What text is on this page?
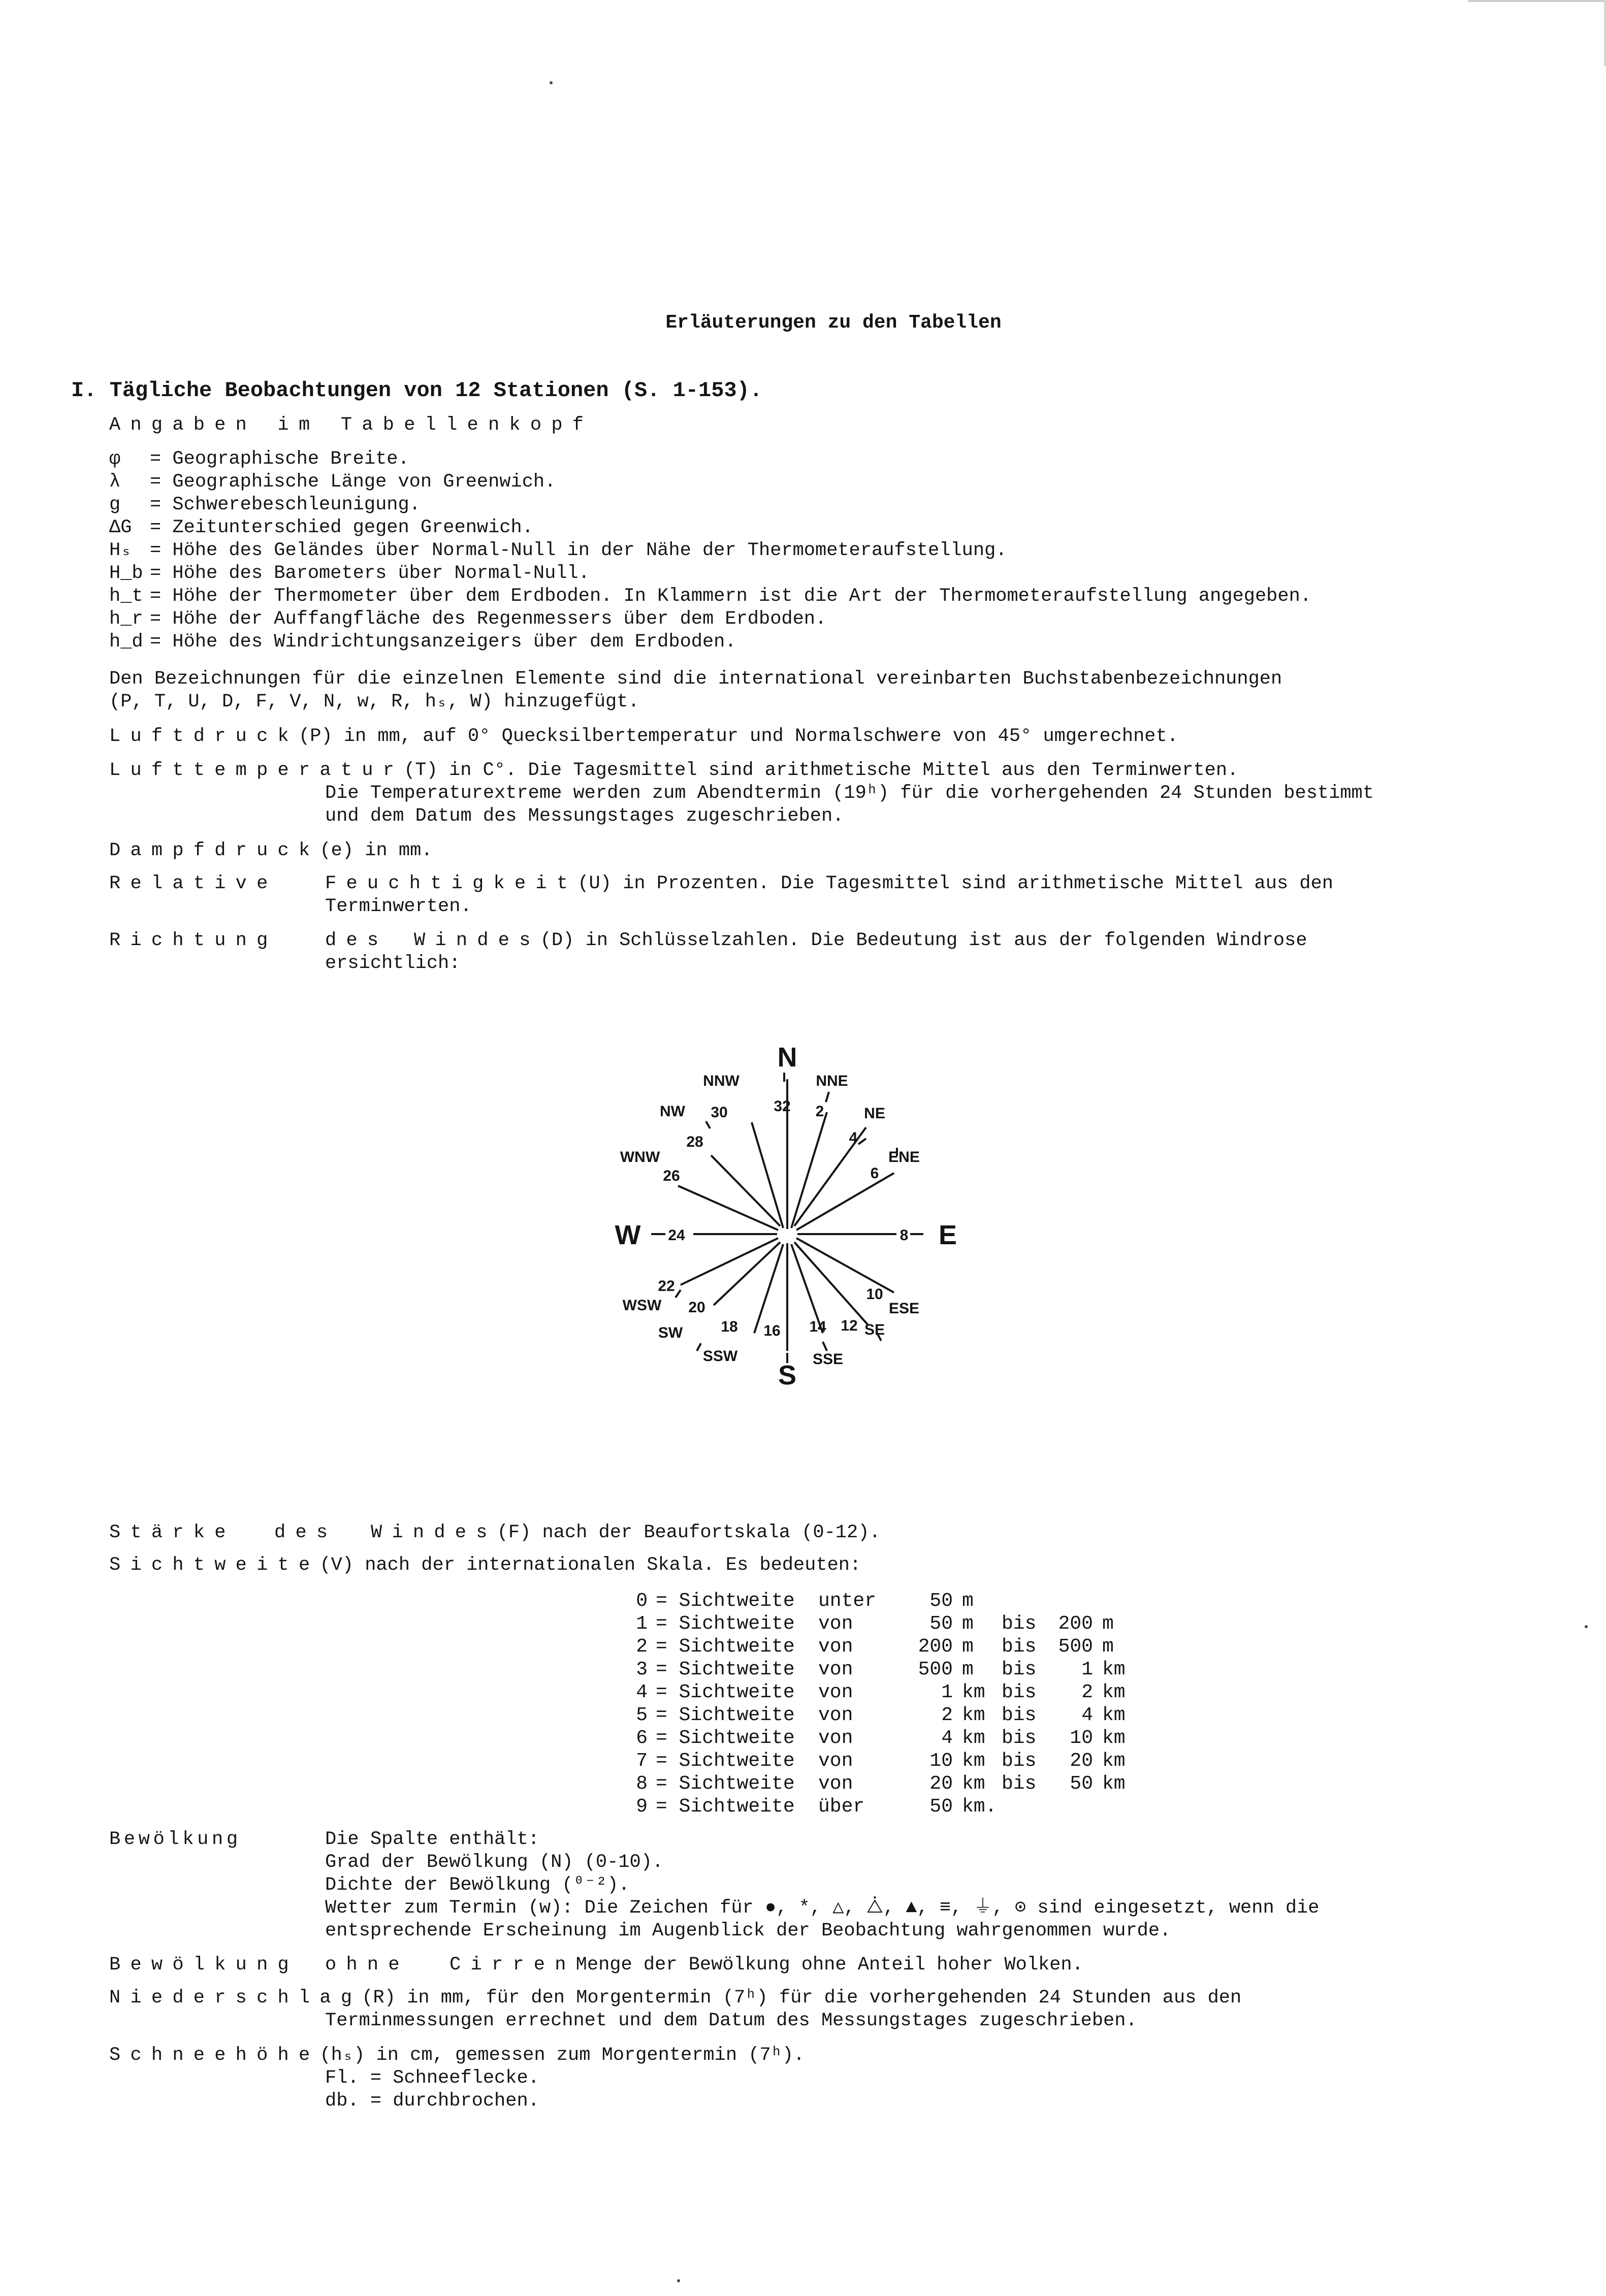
Erläuterungen zu den Tabellen
I. Tägliche Beobachtungen von 12 Stationen (S. 1-153).
Angaben im Tabellenkopf
φ = Geographische Breite.
λ = Geographische Länge von Greenwich.
g = Schwerebeschleunigung.
ΔG = Zeitunterschied gegen Greenwich.
Hₛ = Höhe des Geländes über Normal-Null in der Nähe der Thermometeraufstellung.
H_b = Höhe des Barometers über Normal-Null.
h_t = Höhe der Thermometer über dem Erdboden. In Klammern ist die Art der Thermometeraufstellung angegeben.
h_r = Höhe der Auffangfläche des Regenmessers über dem Erdboden.
h_d = Höhe des Windrichtungsanzeigers über dem Erdboden.
Den Bezeichnungen für die einzelnen Elemente sind die international vereinbarten Buchstabenbezeichnungen
(P, T, U, D, F, V, N, w, R, hₛ, W) hinzugefügt.
Luftdruck(P) in mm, auf 0° Quecksilbertemperatur und Normalschwere von 45° umgerechnet.
Lufttemperatur(T) in C°. Die Tagesmittel sind arithmetische Mittel aus den Terminwerten.
Die Temperaturextreme werden zum Abendtermin (19ʰ) für die vorhergehenden 24 Stunden bestimmt
und dem Datum des Messungstages zugeschrieben.
Dampfdruck(e) in mm.
Relative	Feuchtigkeit(U) in Prozenten. Die Tagesmittel sind arithmetische Mittel aus den
Terminwerten.
Richtung	des Windes(D) in Schlüsselzahlen. Die Bedeutung ist aus der folgenden Windrose
ersichtlich:
N
E
S
W
32 2
4
6
8
10
12
14
16
18
20
22
24
26
28
30
NNE
NE
ENE
ESE
SE
SSE
SSW
SW
WSW
WNW
NW
NNW
Stärke des Windes(F) nach der Beaufortskala (0-12).
Sichtweite(V) nach der internationalen Skala. Es bedeuten:
0 = Sichtweite unter	50 m
1 = Sichtweite von	50 m bis 200 m
2 = Sichtweite von	200 m bis 500 m
3 = Sichtweite von	500 m bis 1 km
4 = Sichtweite von	1 km bis 2 km
5 = Sichtweite von	2 km bis 4 km
6 = Sichtweite von	4 km bis 10 km
7 = Sichtweite von	10 km bis 20 km
8 = Sichtweite von	20 km bis 50 km
9 = Sichtweite über	50 km.
Bewölkung	Die Spalte enthält:
Grad der Bewölkung (N) (0-10).
Dichte der Bewölkung (⁰⁻²).
Wetter zum Termin (w): Die Zeichen für ●, *, △, ⧊, ▲, ≡, ⏚, ⊙ sind eingesetzt, wenn die
entsprechende Erscheinung im Augenblick der Beobachtung wahrgenommen wurde.
Bewölkung ohne CirrenMenge der Bewölkung ohne Anteil hoher Wolken.
Niederschlag(R) in mm, für den Morgentermin (7ʰ) für die vorhergehenden 24 Stunden aus den
Terminmessungen errechnet und dem Datum des Messungstages zugeschrieben.
Schneehöhe(hₛ) in cm, gemessen zum Morgentermin (7ʰ).
Fl. = Schneeflecke.
db. = durchbrochen.
